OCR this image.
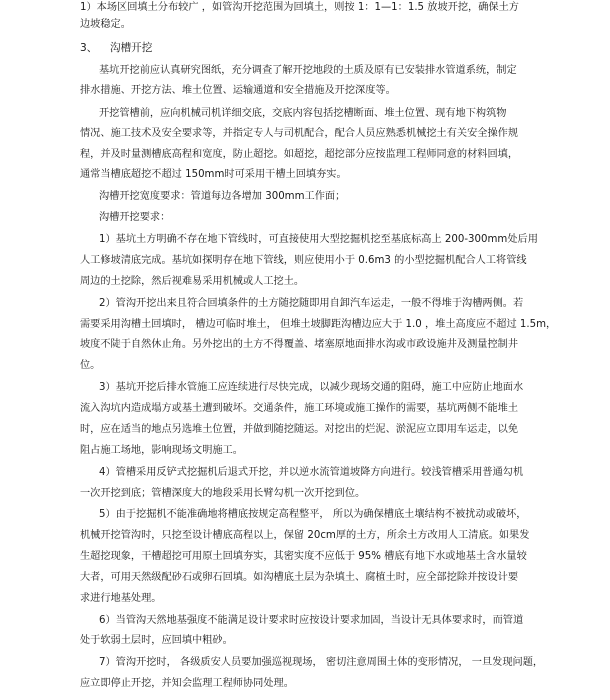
1）本场区回填土分布较广 ，如管沟开挖范围为回填土，则按 1：1—1：1.5 放坡开挖，确保土方
边坡稳定。
3、 沟槽开挖
基坑开挖前应认真研究图纸，充分调查了解开挖地段的土质及原有已安装排水管道系统，制定
排水措施、开挖方法、堆土位置、运输通道和安全措施及开挖深度等。
开挖管槽前，应向机械司机详细交底，交底内容包括挖槽断面、堆土位置、现有地下构筑物
情况、施工技术及安全要求等，并指定专人与司机配合，配合人员应熟悉机械挖土有关安全操作规
程，并及时量测槽底高程和宽度，防止超挖。如超挖，超挖部分应按监理工程师同意的材料回填，
通常当槽底超挖不超过 150mm时可采用干槽土回填夯实。
沟槽开挖宽度要求：管道每边各增加 300mm工作面；
沟槽开挖要求：
1）基坑土方明确不存在地下管线时，可直接使用大型挖掘机挖至基底标高上 200-300mm处后用
人工修坡清底完成。基坑如探明存在地下管线，则应使用小于 0.6m3 的小型挖掘机配合人工将管线
周边的土挖除，然后视难易采用机械或人工挖土。
2）管沟开挖出来且符合回填条件的土方随挖随即用自卸汽车运走，一般不得堆于沟槽两侧。若
需要采用沟槽土回填时， 槽边可临时堆土， 但堆土坡脚距沟槽边应大于 1.0 ，堆土高度应不超过 1.5m，
坡度不陡于自然休止角。另外挖出的土方不得覆盖、堵塞原地面排水沟或市政设施井及测量控制井
位。
3）基坑开挖后排水管施工应连续进行尽快完成，以减少现场交通的阻碍，施工中应防止地面水
流入沟坑内造成塌方或基土遭到破坏。交通条件，施工环境或施工操作的需要，基坑两侧不能堆土
时，应在适当的地点另选堆土位置，并做到随挖随运。对挖出的烂泥、淤泥应立即用车运走，以免
阻占施工场地，影响现场文明施工。
4）管槽采用反铲式挖掘机后退式开挖，并以逆水流管道坡降方向进行。较浅管槽采用普通勾机
一次开挖到底；管槽深度大的地段采用长臂勾机一次开挖到位。
5）由于挖掘机不能准确地将槽底按规定高程整平， 所以为确保槽底土壤结构不被扰动或破坏，
机械开挖管沟时，只挖至设计槽底高程以上，保留 20cm厚的土方，所余土方改用人工清底。如果发
生超挖现象，干槽超挖可用原土回填夯实，其密实度不应低于 95% 槽底有地下水或地基土含水量较
大者，可用天然级配砂石或卵石回填。如沟槽底土层为杂填土、腐植土时，应全部挖除并按设计要
求进行地基处理。
6）当管沟天然地基强度不能满足设计要求时应按设计要求加固，当设计无具体要求时，而管道
处于软弱土层时，应回填中粗砂。
7）管沟开挖时， 各级质安人员要加强巡视现场， 密切注意周围土体的变形情况， 一旦发现问题，
应立即停止开挖，并知会监理工程师协同处理。
